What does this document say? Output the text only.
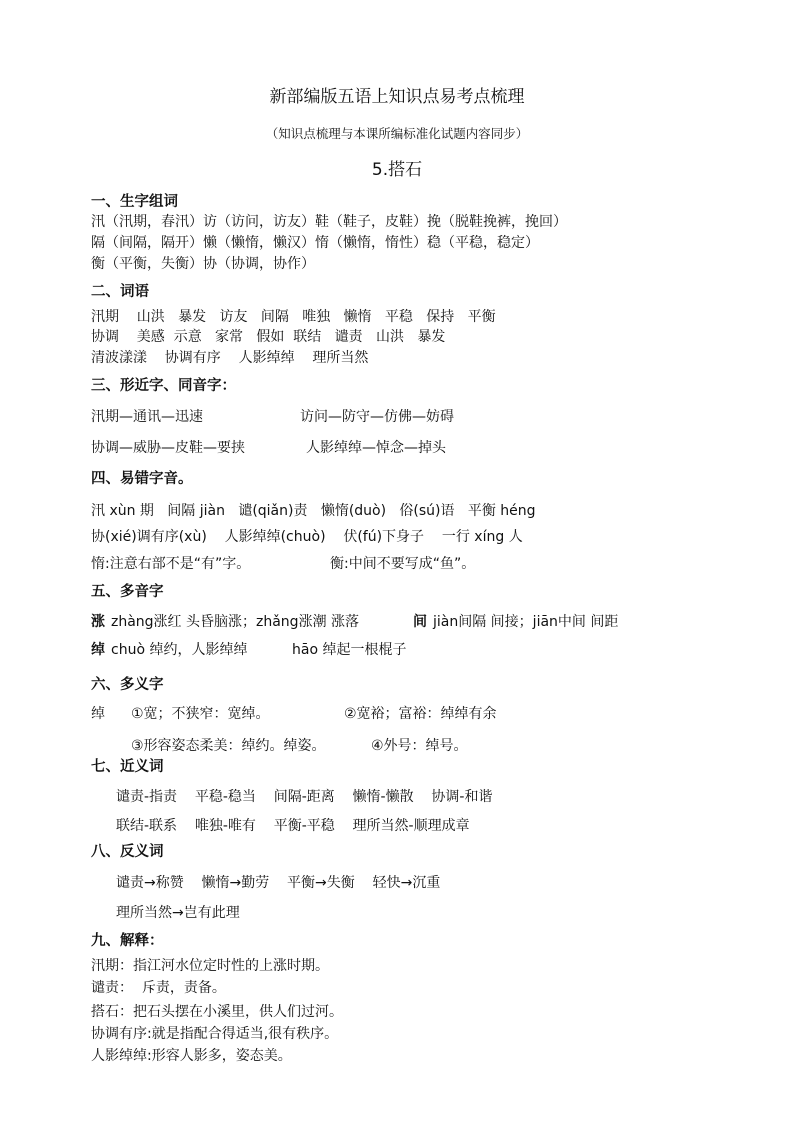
新部编版五语上知识点易考点梳理
（知识点梳理与本课所编标准化试题内容同步）
5.搭石
一、生字组词
汛（汛期，春汛）访（访问，访友）鞋（鞋子，皮鞋）挽（脱鞋挽裤，挽回）
隔（间隔，隔开）懒（懒惰，懒汉）惰（懒惰，惰性）稳（平稳，稳定）
衡（平衡，失衡）协（协调，协作）
二、词语
汛期    山洪   暴发   访友   间隔   唯独   懒惰   平稳   保持   平衡
协调    美感  示意   家常   假如  联结   谴责   山洪   暴发
清波漾漾    协调有序    人影绰绰    理所当然
三、形近字、同音字：
汛期—通讯—迅速	访问—防守—仿佛—妨碍
协调—威胁—皮鞋—要挟	人影绰绰—悼念—掉头
四、易错字音。
汛 xùn 期   间隔 jiàn   谴(qiǎn)责   懒惰(duò)   俗(sú)语   平衡 héng
协(xié)调有序(xù)    人影绰绰(chuò)    伏(fú)下身子    一行 xíng 人
惰:注意右部不是“有”字。	衡:中间不要写成“鱼”。
五、多音字
涨 zhàng涨红 头昏脑涨；zhǎng涨潮 涨落	间 jiàn间隔 间接；jiān中间 间距
绰 chuò 绰约，人影绰绰	hāo 绰起一根棍子
六、多义字
绰 ①宽；不狭窄：宽绰。	②宽裕；富裕：绰绰有余
③形容姿态柔美：绰约。绰姿。	④外号：绰号。
七、近义词
谴责-指责    平稳-稳当    间隔-距离    懒惰-懒散    协调-和谐
联结-联系    唯独-唯有    平衡-平稳    理所当然-顺理成章
八、反义词
谴责→称赞    懒惰→勤劳    平衡→失衡    轻快→沉重
理所当然→岂有此理
九、解释：
汛期：指江河水位定时性的上涨时期。
谴责：  斥责，责备。
搭石：把石头摆在小溪里，供人们过河。
协调有序:就是指配合得适当,很有秩序。
人影绰绰:形容人影多，姿态美。
